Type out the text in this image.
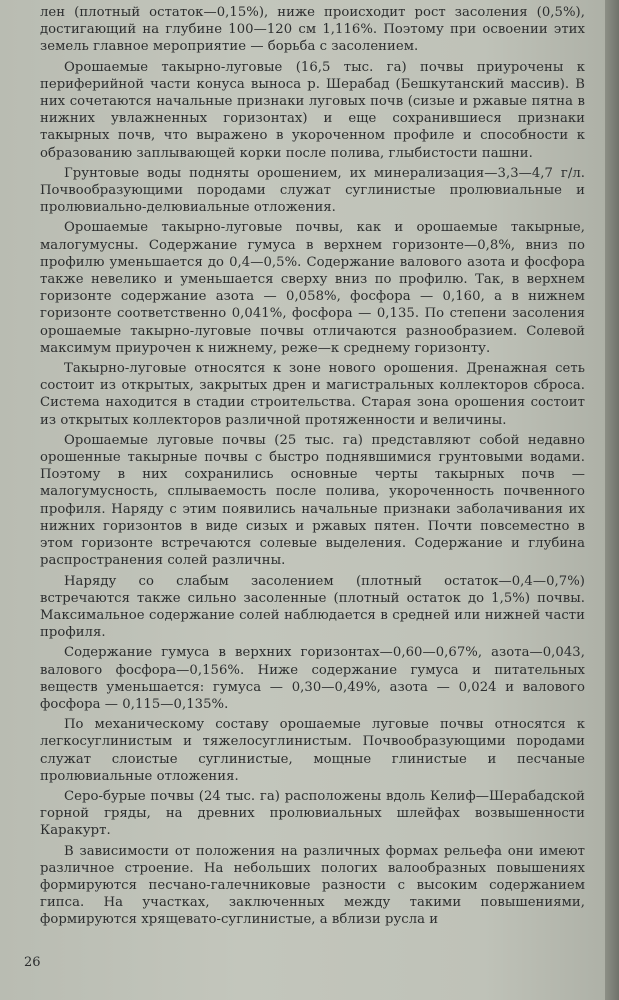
лен (плотный остаток—0,15%), ниже происходит рост засоления (0,5%), достигающий на глубине 100—120 см 1,116%. Поэтому при освоении этих земель главное мероприятие — борьба с засолением.

Орошаемые такырно-луговые (16,5 тыс. га) почвы приурочены к периферийной части конуса выноса р. Шерабад (Бешкутанский массив). В них сочетаются начальные признаки луговых почв (сизые и ржавые пятна в нижних увлажненных горизонтах) и еще сохранившиеся признаки такырных почв, что выражено в укороченном профиле и способности к образованию заплывающей корки после полива, глыбистости пашни.

Грунтовые воды подняты орошением, их минерализация—3,3—4,7 г/л. Почвообразующими породами служат суглинистые пролювиальные и пролювиально-делювиальные отложения.

Орошаемые такырно-луговые почвы, как и орошаемые такырные, малогумусны. Содержание гумуса в верхнем горизонте—0,8%, вниз по профилю уменьшается до 0,4—0,5%. Содержание валового азота и фосфора также невелико и уменьшается сверху вниз по профилю. Так, в верхнем горизонте содержание азота — 0,058%, фосфора — 0,160, а в нижнем горизонте соответственно 0,041%, фосфора — 0,135. По степени засоления орошаемые такырно-луговые почвы отличаются разнообразием. Солевой максимум приурочен к нижнему, реже—к среднему горизонту.

Такырно-луговые относятся к зоне нового орошения. Дренажная сеть состоит из открытых, закрытых дрен и магистральных коллекторов сброса. Система находится в стадии строительства. Старая зона орошения состоит из открытых коллекторов различной протяженности и величины.

Орошаемые луговые почвы (25 тыс. га) представляют собой недавно орошенные такырные почвы с быстро поднявшимися грунтовыми водами. Поэтому в них сохранились основные черты такырных почв — малогумусность, сплываемость после полива, укороченность почвенного профиля. Наряду с этим появились начальные признаки заболачивания их нижних горизонтов в виде сизых и ржавых пятен. Почти повсеместно в этом горизонте встречаются солевые выделения. Содержание и глубина распространения солей различны.

Наряду со слабым засолением (плотный остаток—0,4—0,7%) встречаются также сильно засоленные (плотный остаток до 1,5%) почвы. Максимальное содержание солей наблюдается в средней или нижней части профиля.

Содержание гумуса в верхних горизонтах—0,60—0,67%, азота—0,043, валового фосфора—0,156%. Ниже содержание гумуса и питательных веществ уменьшается: гумуса — 0,30—0,49%, азота — 0,024 и валового фосфора — 0,115—0,135%.

По механическому составу орошаемые луговые почвы относятся к легкосуглинистым и тяжелосуглинистым. Почвообразующими породами служат слоистые суглинистые, мощные глинистые и песчаные пролювиальные отложения.

Серо-бурые почвы (24 тыс. га) расположены вдоль Келиф—Шерабадской горной гряды, на древних пролювиальных шлейфах возвышенности Каракурт.

В зависимости от положения на различных формах рельефа они имеют различное строение. На небольших пологих валообразных повышениях формируются песчано-галечниковые разности с высоким содержанием гипса. На участках, заключенных между такими повышениями, формируются хрящевато-суглинистые, а вблизи русла и

26
